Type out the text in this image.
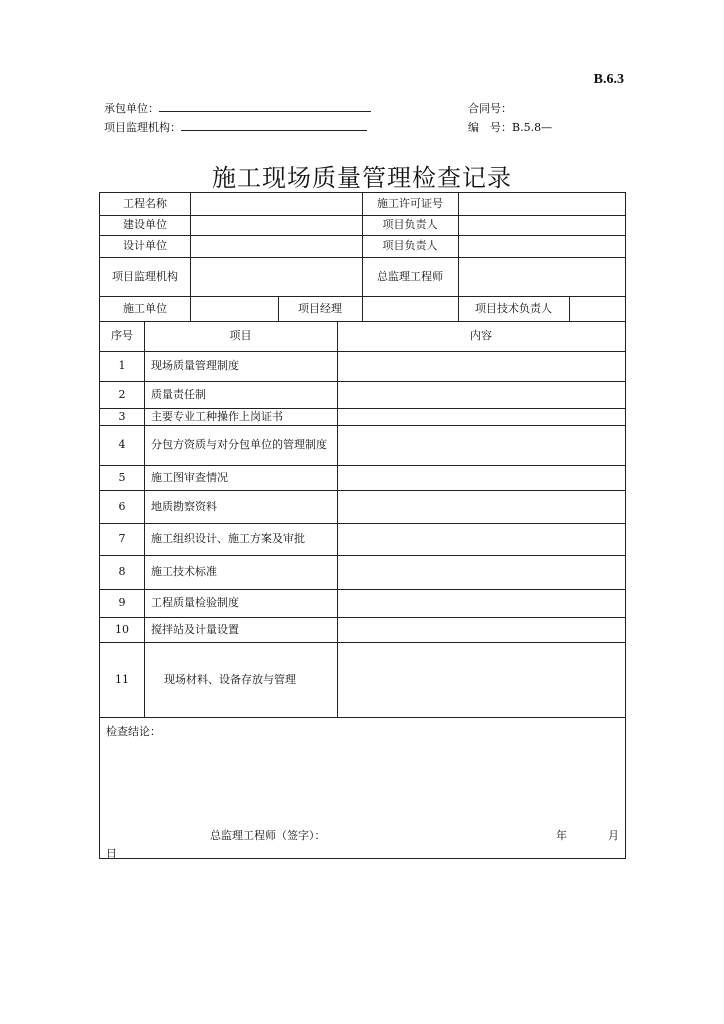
B.6.3
承包单位：
项目监理机构：
合同号：
编　号：B.5.8—
施工现场质量管理检查记录
工程名称	施工许可证号
建设单位	项目负责人
设计单位	项目负责人
项目监理机构	总监理工程师
施工单位	项目经理	项目技术负责人
序号	项目	内容
1	现场质量管理制度
2	质量责任制
3	主要专业工种操作上岗证书
4	分包方资质与对分包单位的管理制度
5	施工图审查情况
6	地质勘察资料
7	施工组织设计、施工方案及审批
8	施工技术标准
9	工程质量检验制度
10	搅拌站及计量设置
11	现场材料、设备存放与管理
检查结论：
总监理工程师（签字）：	年	月
日
